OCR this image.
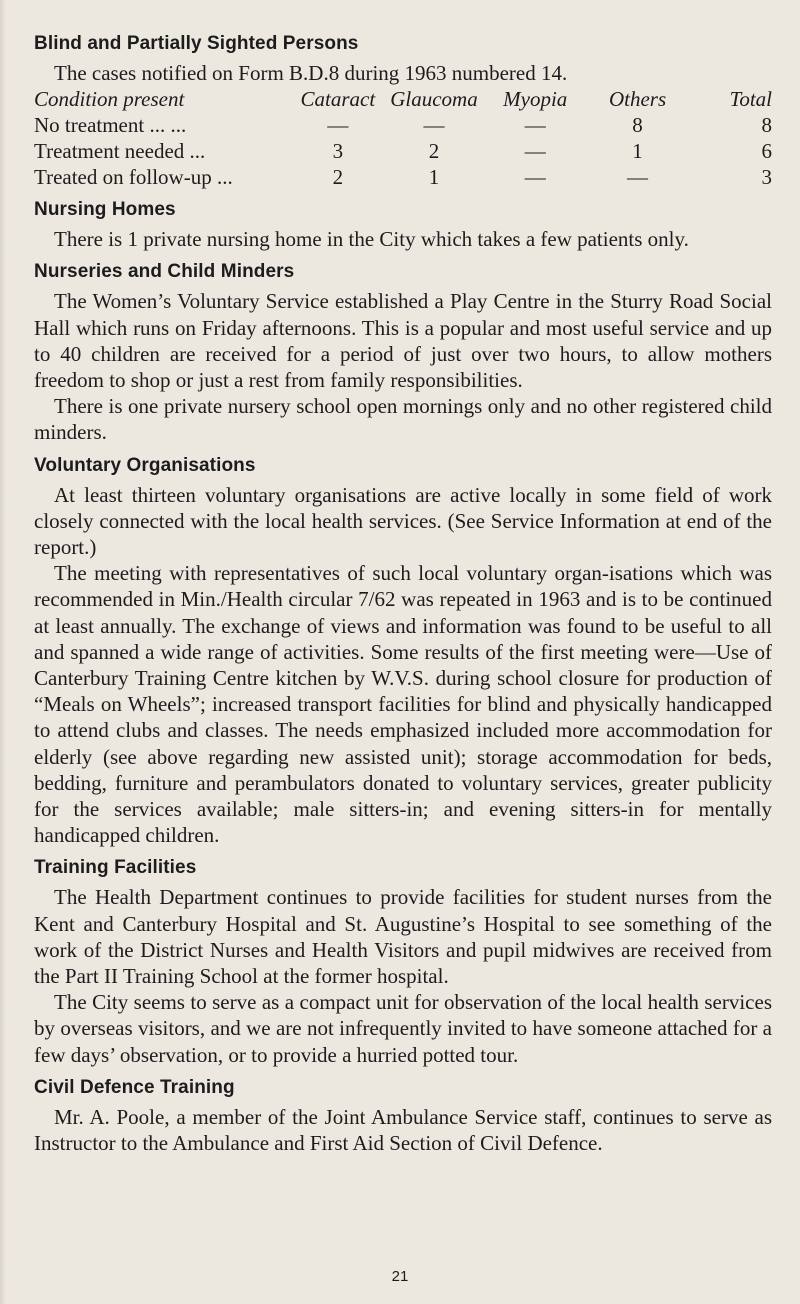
Blind and Partially Sighted Persons

The cases notified on Form B.D.8 during 1963 numbered 14.

Condition present	Cataract	Glaucoma	Myopia	Others	Total
No treatment ... ...	—	—	—	8	8
Treatment needed ...	3	2	—	1	6
Treated on follow-up ...	2	1	—	—	3
Nursing Homes

There is 1 private nursing home in the City which takes a few patients only.

Nurseries and Child Minders

The Women’s Voluntary Service established a Play Centre in the Sturry Road Social Hall which runs on Friday afternoons. This is a popular and most useful service and up to 40 children are received for a period of just over two hours, to allow mothers freedom to shop or just a rest from family responsibilities.

There is one private nursery school open mornings only and no other registered child minders.

Voluntary Organisations

At least thirteen voluntary organisations are active locally in some field of work closely connected with the local health services. (See Service Information at end of the report.)

The meeting with representatives of such local voluntary organ-isations which was recommended in Min./Health circular 7/62 was repeated in 1963 and is to be continued at least annually. The exchange of views and information was found to be useful to all and spanned a wide range of activities. Some results of the first meeting were—Use of Canterbury Training Centre kitchen by W.V.S. during school closure for production of “Meals on Wheels”; increased transport facilities for blind and physically handicapped to attend clubs and classes. The needs emphasized included more accommodation for elderly (see above regarding new assisted unit); storage accommodation for beds, bedding, furniture and perambulators donated to voluntary services, greater publicity for the services available; male sitters-in; and evening sitters-in for mentally handicapped children.

Training Facilities

The Health Department continues to provide facilities for student nurses from the Kent and Canterbury Hospital and St. Augustine’s Hospital to see something of the work of the District Nurses and Health Visitors and pupil midwives are received from the Part II Training School at the former hospital.

The City seems to serve as a compact unit for observation of the local health services by overseas visitors, and we are not infrequently invited to have someone attached for a few days’ observation, or to provide a hurried potted tour.

Civil Defence Training

Mr. A. Poole, a member of the Joint Ambulance Service staff, continues to serve as Instructor to the Ambulance and First Aid Section of Civil Defence.

21
